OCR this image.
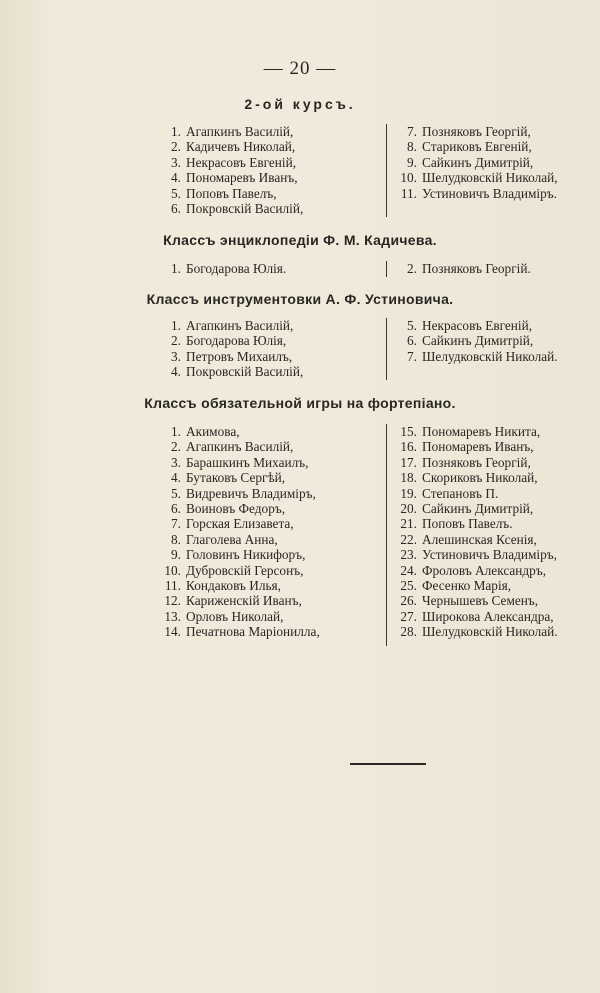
— 20 —
2-ой курсъ.
1. Агапкинъ Василій,
2. Кадичевъ Николай,
3. Некрасовъ Евгеній,
4. Пономаревъ Иванъ,
5. Поповъ Павелъ,
6. Покровскій Василій,
7. Позняковъ Георгій,
8. Стариковъ Евгеній,
9. Сайкинъ Димитрій,
10. Шелудковскій Николай,
11. Устиновичъ Владиміръ.
Классъ энциклопедіи Ф. М. Кадичева.
1. Богодарова Юлія.	2. Позняковъ Георгій.
Классъ инструментовки А. Ф. Устиновича.
1. Агапкинъ Василій,
2. Богодарова Юлія,
3. Петровъ Михаилъ,
4. Покровскій Василій,
5. Некрасовъ Евгеній,
6. Сайкинъ Димитрій,
7. Шелудковскій Николай.
Классъ обязательной игры на фортепіано.
1. Акимова,
2. Агапкинъ Василій,
3. Барашкинъ Михаилъ,
4. Бутаковъ Сергѣй,
5. Видревичъ Владиміръ,
6. Воиновъ Федоръ,
7. Горская Елизавета,
8. Глаголева Анна,
9. Головинъ Никифоръ,
10. Дубровскій Герсонъ,
11. Кондаковъ Илья,
12. Кариженскій Иванъ,
13. Орловъ Николай,
14. Печатнова Маріонилла,
15. Пономаревъ Никита,
16. Пономаревъ Иванъ,
17. Позняковъ Георгій,
18. Скориковъ Николай,
19. Степановъ П.
20. Сайкинъ Димитрій,
21. Поповъ Павелъ.
22. Алешинская Ксенія,
23. Устиновичъ Владиміръ,
24. Фроловъ Александръ,
25. Фесенко Марія,
26. Чернышевъ Семенъ,
27. Широкова Александра,
28. Шелудковскій Николай.
